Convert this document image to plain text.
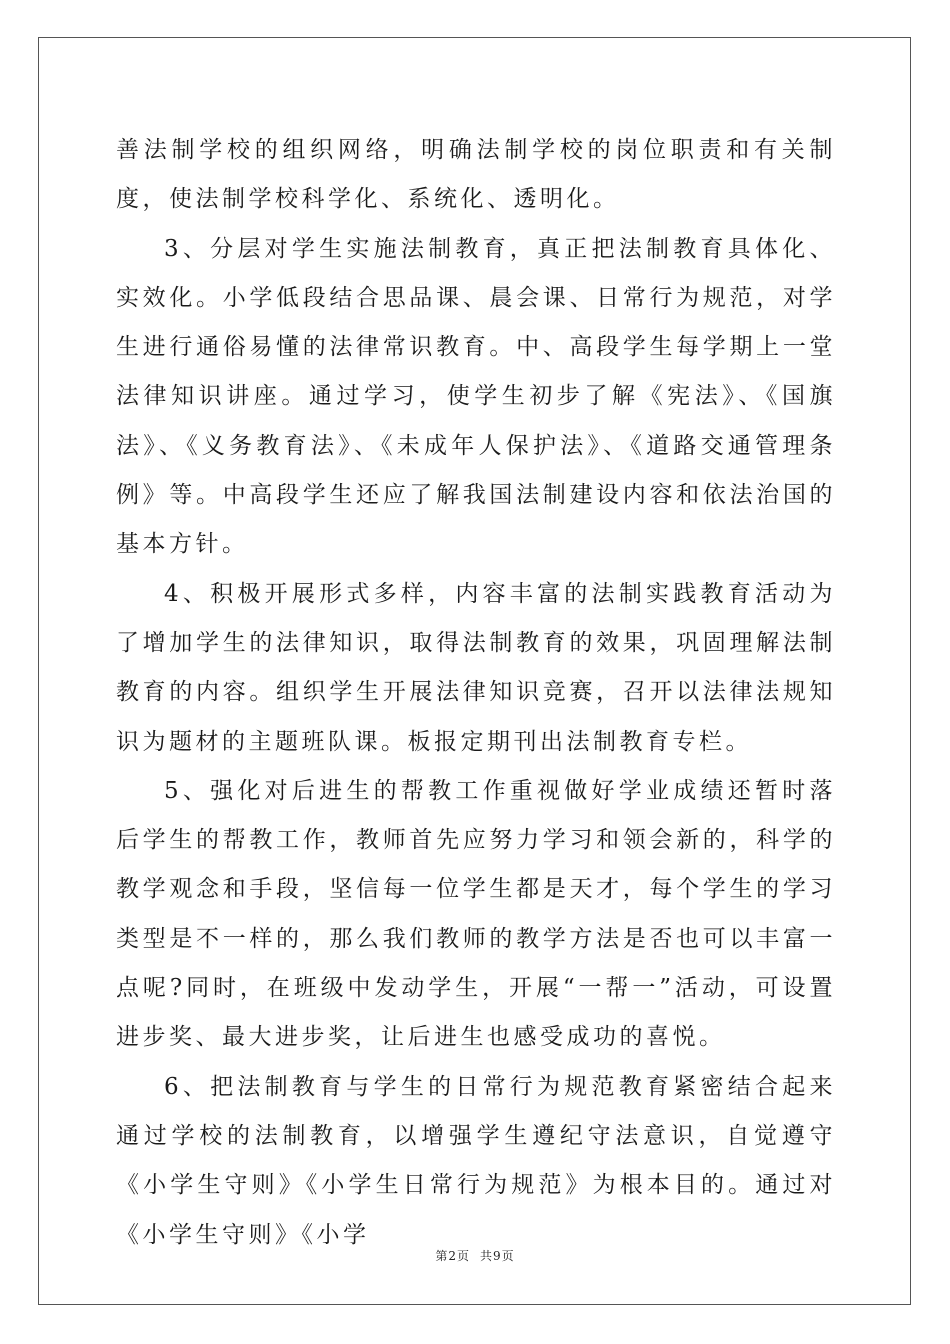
善法制学校的组织网络，明确法制学校的岗位职责和有关制度，使法制学校科学化、系统化、透明化。

3、分层对学生实施法制教育，真正把法制教育具体化、实效化。小学低段结合思品课、晨会课、日常行为规范，对学生进行通俗易懂的法律常识教育。中、高段学生每学期上一堂法律知识讲座。通过学习，使学生初步了解《宪法》、《国旗法》、《义务教育法》、《未成年人保护法》、《道路交通管理条例》等。中高段学生还应了解我国法制建设内容和依法治国的基本方针。

4、积极开展形式多样，内容丰富的法制实践教育活动为了增加学生的法律知识，取得法制教育的效果，巩固理解法制教育的内容。组织学生开展法律知识竞赛，召开以法律法规知识为题材的主题班队课。板报定期刊出法制教育专栏。

5、强化对后进生的帮教工作重视做好学业成绩还暂时落后学生的帮教工作，教师首先应努力学习和领会新的，科学的教学观念和手段，坚信每一位学生都是天才，每个学生的学习类型是不一样的，那么我们教师的教学方法是否也可以丰富一点呢?同时，在班级中发动学生，开展“一帮一”活动，可设置进步奖、最大进步奖，让后进生也感受成功的喜悦。

6、把法制教育与学生的日常行为规范教育紧密结合起来通过学校的法制教育，以增强学生遵纪守法意识，自觉遵守《小学生守则》《小学生日常行为规范》为根本目的。通过对《小学生守则》《小学

第2页 共9页
